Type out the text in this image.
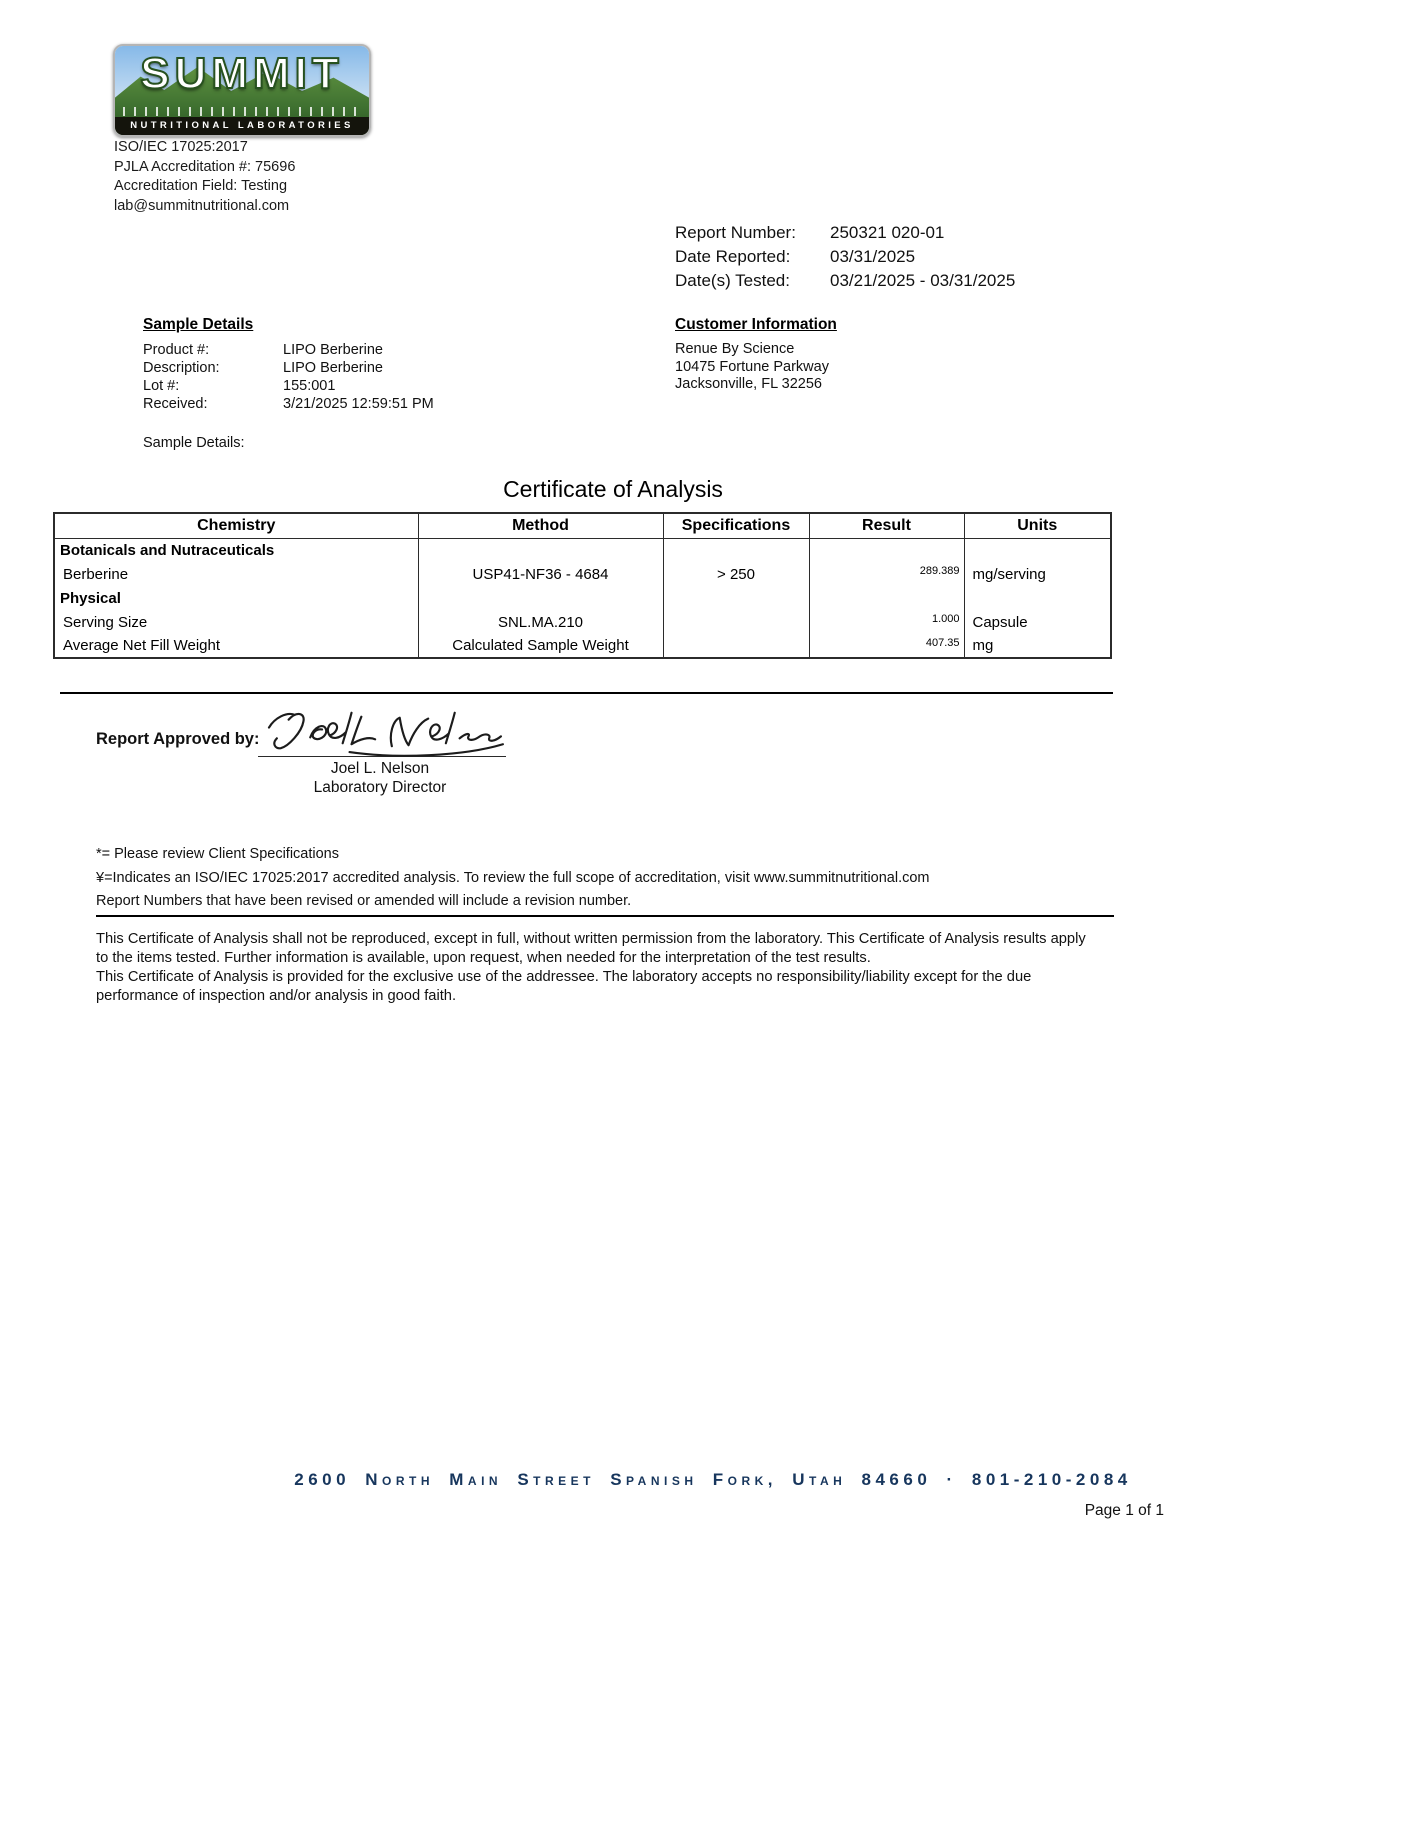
SUMMIT
NUTRITIONAL LABORATORIES
ISO/IEC 17025:2017
PJLA Accreditation #: 75696
Accreditation Field: Testing
lab@summitnutritional.com
Report Number:	250321 020-01
Date Reported:	03/31/2025
Date(s) Tested:	03/21/2025 - 03/31/2025
Sample Details
Product #:	LIPO Berberine
Description:	LIPO Berberine
Lot #:	155:001
Received:	3/21/2025 12:59:51 PM
Customer Information
Renue By Science
10475 Fortune Parkway
Jacksonville, FL 32256
Sample Details:
Certificate of Analysis
Chemistry	Method	Specifications	Result	Units
Botanicals and Nutraceuticals				
Berberine	USP41-NF36 - 4684	> 250	289.389	mg/serving
Physical				
Serving Size	SNL.MA.210		1.000	Capsule
Average Net Fill Weight	Calculated Sample Weight		407.35	mg
Report Approved by:
Joel L. Nelson
Laboratory Director
*= Please review Client Specifications
¥=Indicates an ISO/IEC 17025:2017 accredited analysis. To review the full scope of accreditation, visit www.summitnutritional.com
Report Numbers that have been revised or amended will include a revision number.
This Certificate of Analysis shall not be reproduced, except in full, without written permission from the laboratory. This Certificate of Analysis results apply to the items tested. Further information is available, upon request, when needed for the interpretation of the test results.
This Certificate of Analysis is provided for the exclusive use of the addressee. The laboratory accepts no responsibility/liability except for the due performance of inspection and/or analysis in good faith.
2600 North Main Street Spanish Fork, Utah 84660 · 801-210-2084
Page 1 of 1
